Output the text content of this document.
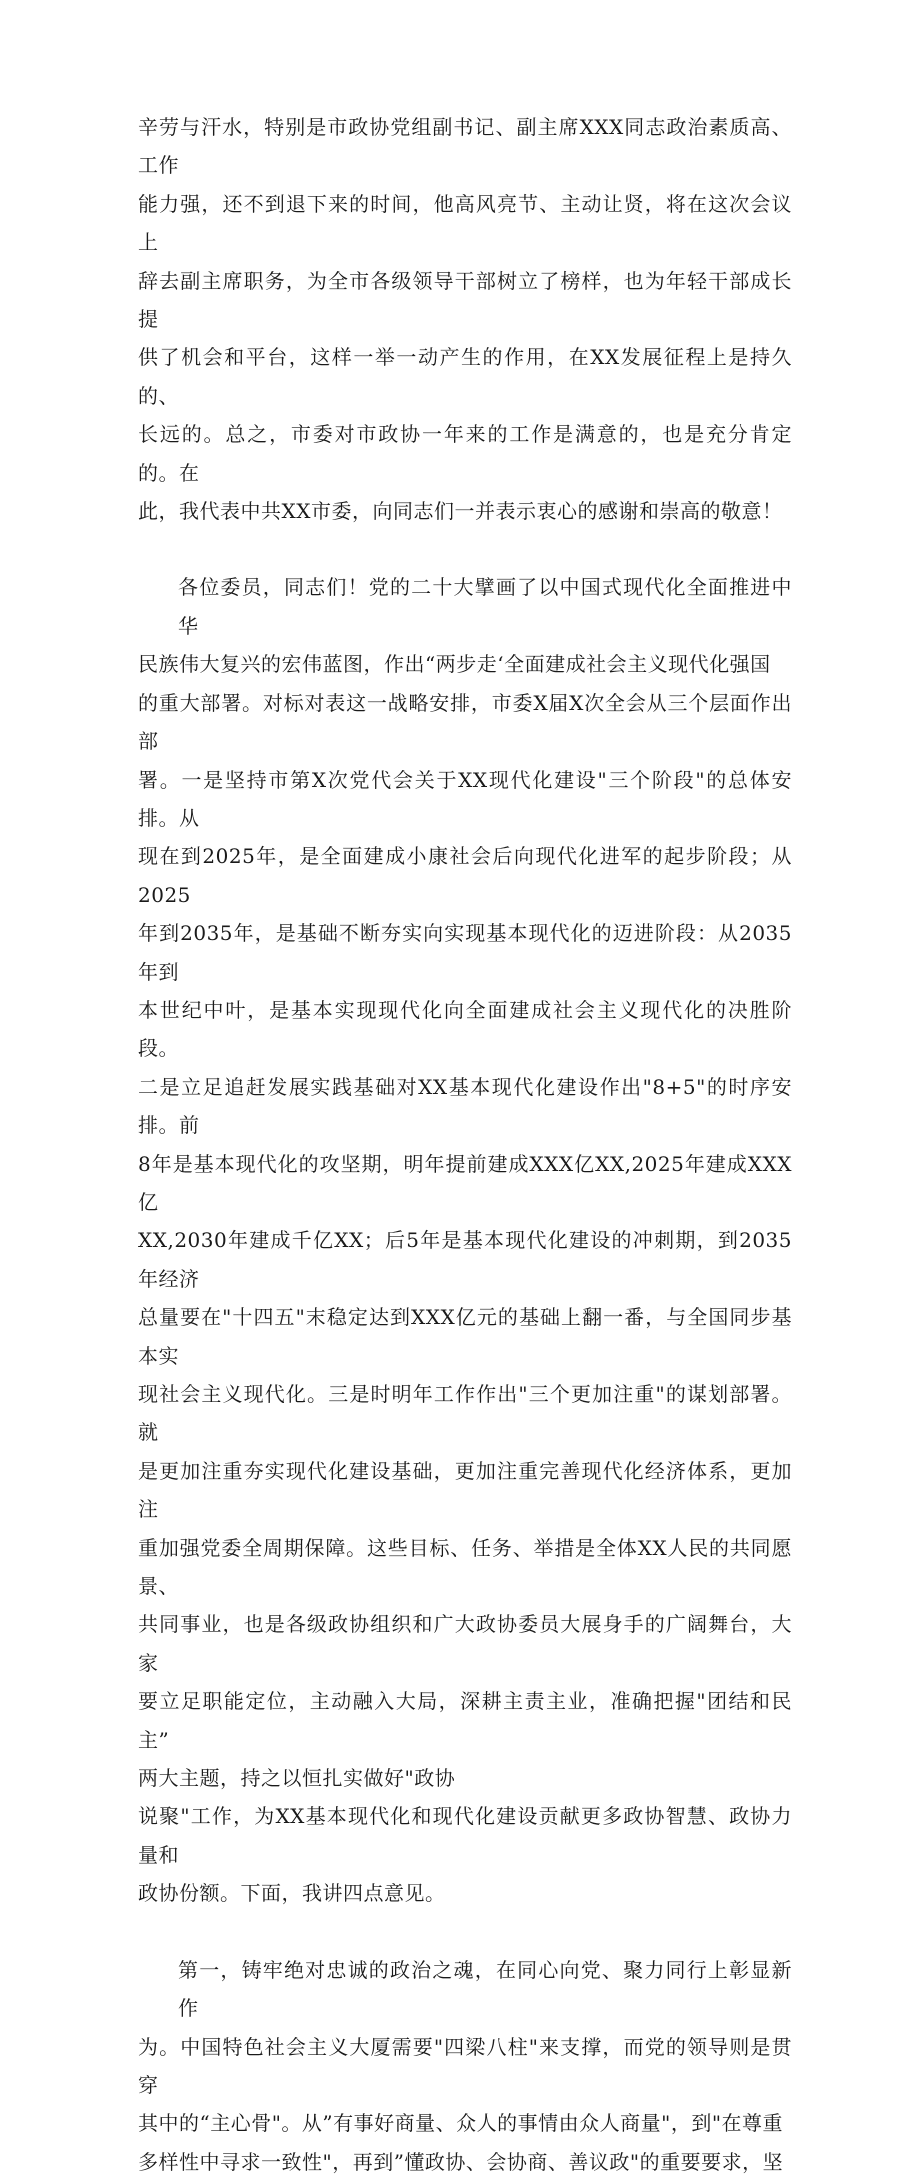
辛劳与汗水，特别是市政协党组副书记、副主席XXX同志政治素质高、工作
能力强，还不到退下来的时间，他高风亮节、主动让贤，将在这次会议上
辞去副主席职务，为全市各级领导干部树立了榜样，也为年轻干部成长提
供了机会和平台，这样一举一动产生的作用，在XX发展征程上是持久的、
长远的。总之，市委对市政协一年来的工作是满意的，也是充分肯定的。在
此，我代表中共XX市委，向同志们一并表示衷心的感谢和崇高的敬意！
各位委员，同志们！党的二十大擘画了以中国式现代化全面推进中华
民族伟大复兴的宏伟蓝图，作出“两步走‘全面建成社会主义现代化强国
的重大部署。对标对表这一战略安排，市委X届X次全会从三个层面作出部
署。一是坚持市第X次党代会关于XX现代化建设"三个阶段"的总体安排。从
现在到2025年，是全面建成小康社会后向现代化进军的起步阶段；从2025
年到2035年，是基础不断夯实向实现基本现代化的迈进阶段：从2035年到
本世纪中叶，是基本实现现代化向全面建成社会主义现代化的决胜阶段。
二是立足追赶发展实践基础对XX基本现代化建设作出"8+5"的时序安排。前
8年是基本现代化的攻坚期，明年提前建成XXX亿XX,2025年建成XXX亿
XX,2030年建成千亿XX；后5年是基本现代化建设的冲刺期，到2035年经济
总量要在"十四五"末稳定达到XXX亿元的基础上翻一番，与全国同步基本实
现社会主义现代化。三是时明年工作作出"三个更加注重"的谋划部署。就
是更加注重夯实现代化建设基础，更加注重完善现代化经济体系，更加注
重加强党委全周期保障。这些目标、任务、举措是全体XX人民的共同愿景、
共同事业，也是各级政协组织和广大政协委员大展身手的广阔舞台，大家
要立足职能定位，主动融入大局，深耕主责主业，准确把握"团结和民主”
两大主题，持之以恒扎实做好"政协
说聚"工作，为XX基本现代化和现代化建设贡献更多政协智慧、政协力量和
政协份额。下面，我讲四点意见。
第一，铸牢绝对忠诚的政治之魂，在同心向党、聚力同行上彰显新作
为。中国特色社会主义大厦需要"四梁八柱"来支撑，而党的领导则是贯穿
其中的“主心骨"。从”有事好商量、众人的事情由众人商量"，到"在尊重
多样性中寻求一致性"，再到”懂政协、会协商、善议政"的重要要求，坚
